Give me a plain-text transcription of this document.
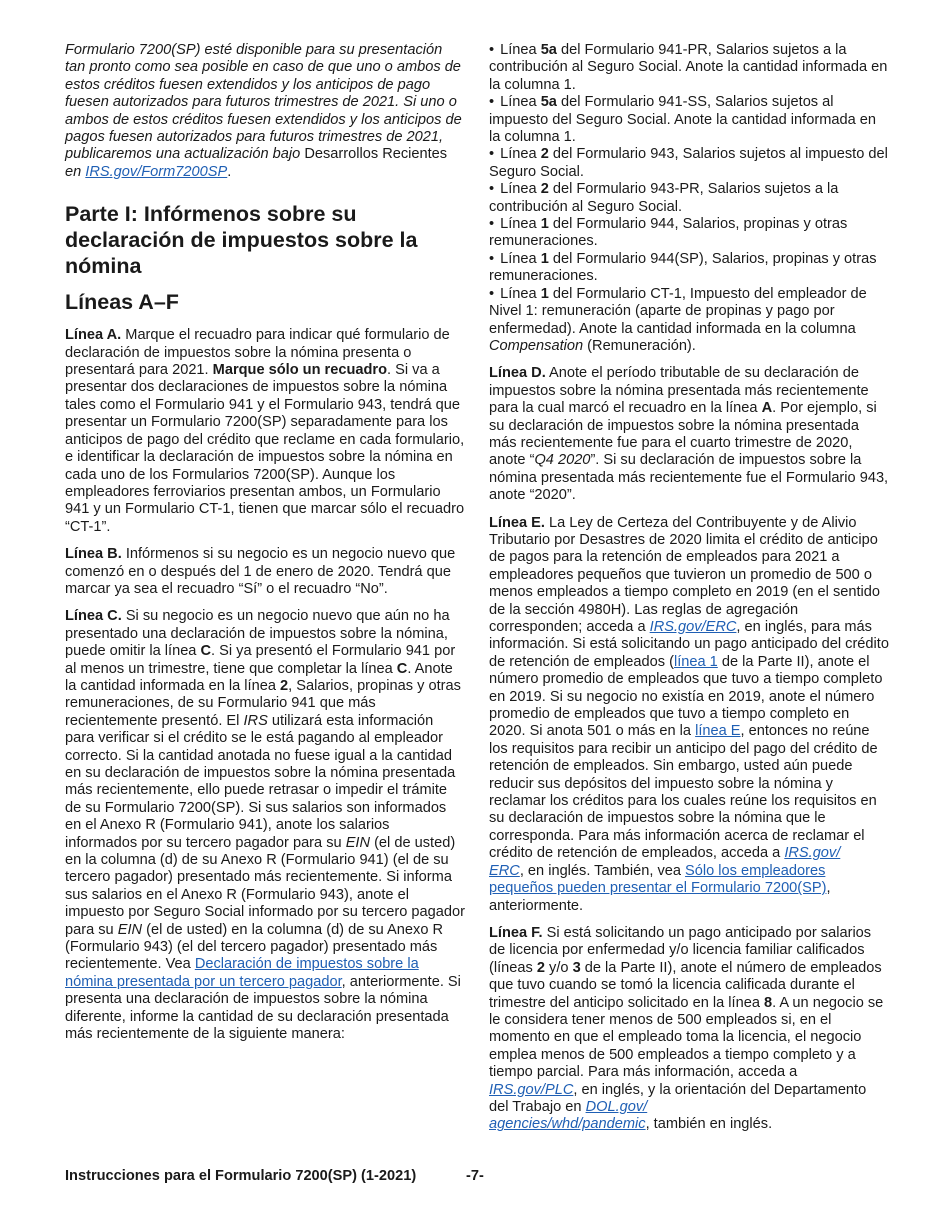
Formulario 7200(SP) esté disponible para su presentación tan pronto como sea posible en caso de que uno o ambos de estos créditos fuesen extendidos y los anticipos de pago fuesen autorizados para futuros trimestres de 2021. Si uno o ambos de estos créditos fuesen extendidos y los anticipos de pagos fuesen autorizados para futuros trimestres de 2021, publicaremos una actualización bajo Desarrollos Recientes en IRS.gov/Form7200SP.

Parte I: Infórmenos sobre su declaración de impuestos sobre la nómina
Líneas A–F

Línea A. Marque el recuadro para indicar qué formulario de declaración de impuestos sobre la nómina presenta o presentará para 2021. Marque sólo un recuadro. Si va a presentar dos declaraciones de impuestos sobre la nómina tales como el Formulario 941 y el Formulario 943, tendrá que presentar un Formulario 7200(SP) separadamente para los anticipos de pago del crédito que reclame en cada formulario, e identificar la declaración de impuestos sobre la nómina en cada uno de los Formularios 7200(SP). Aunque los empleadores ferroviarios presentan ambos, un Formulario 941 y un Formulario CT-1, tienen que marcar sólo el recuadro “CT-1”.

Línea B. Infórmenos si su negocio es un negocio nuevo que comenzó en o después del 1 de enero de 2020. Tendrá que marcar ya sea el recuadro “Sí” o el recuadro “No”.

Línea C. Si su negocio es un negocio nuevo que aún no ha presentado una declaración de impuestos sobre la nómina, puede omitir la línea C. Si ya presentó el Formulario 941 por al menos un trimestre, tiene que completar la línea C. Anote la cantidad informada en la línea 2, Salarios, propinas y otras remuneraciones, de su Formulario 941 que más recientemente presentó. El IRS utilizará esta información para verificar si el crédito se le está pagando al empleador correcto. Si la cantidad anotada no fuese igual a la cantidad en su declaración de impuestos sobre la nómina presentada más recientemente, ello puede retrasar o impedir el trámite de su Formulario 7200(SP). Si sus salarios son informados en el Anexo R (Formulario 941), anote los salarios informados por su tercero pagador para su EIN (el de usted) en la columna (d) de su Anexo R (Formulario 941) (el de su tercero pagador) presentado más recientemente. Si informa sus salarios en el Anexo R (Formulario 943), anote el impuesto por Seguro Social informado por su tercero pagador para su EIN (el de usted) en la columna (d) de su Anexo R (Formulario 943) (el del tercero pagador) presentado más recientemente. Vea Declaración de impuestos sobre la nómina presentada por un tercero pagador, anteriormente. Si presenta una declaración de impuestos sobre la nómina diferente, informe la cantidad de su declaración presentada más recientemente de la siguiente manera:

• Línea 5a del Formulario 941-PR, Salarios sujetos a la contribución al Seguro Social. Anote la cantidad informada en la columna 1.
• Línea 5a del Formulario 941-SS, Salarios sujetos al impuesto del Seguro Social. Anote la cantidad informada en la columna 1.
• Línea 2 del Formulario 943, Salarios sujetos al impuesto del Seguro Social.
• Línea 2 del Formulario 943-PR, Salarios sujetos a la contribución al Seguro Social.
• Línea 1 del Formulario 944, Salarios, propinas y otras remuneraciones.
• Línea 1 del Formulario 944(SP), Salarios, propinas y otras remuneraciones.
• Línea 1 del Formulario CT-1, Impuesto del empleador de Nivel 1: remuneración (aparte de propinas y pago por enfermedad). Anote la cantidad informada en la columna Compensation (Remuneración).

Línea D. Anote el período tributable de su declaración de impuestos sobre la nómina presentada más recientemente para la cual marcó el recuadro en la línea A. Por ejemplo, si su declaración de impuestos sobre la nómina presentada más recientemente fue para el cuarto trimestre de 2020, anote “Q4 2020”. Si su declaración de impuestos sobre la nómina presentada más recientemente fue el Formulario 943, anote “2020”.

Línea E. La Ley de Certeza del Contribuyente y de Alivio Tributario por Desastres de 2020 limita el crédito de anticipo de pagos para la retención de empleados para 2021 a empleadores pequeños que tuvieron un promedio de 500 o menos empleados a tiempo completo en 2019 (en el sentido de la sección 4980H). Las reglas de agregación corresponden; acceda a IRS.gov/ERC, en inglés, para más información. Si está solicitando un pago anticipado del crédito de retención de empleados (línea 1 de la Parte II), anote el número promedio de empleados que tuvo a tiempo completo en 2019. Si su negocio no existía en 2019, anote el número promedio de empleados que tuvo a tiempo completo en 2020. Si anota 501 o más en la línea E, entonces no reúne los requisitos para recibir un anticipo del pago del crédito de retención de empleados. Sin embargo, usted aún puede reducir sus depósitos del impuesto sobre la nómina y reclamar los créditos para los cuales reúne los requisitos en su declaración de impuestos sobre la nómina que le corresponda. Para más información acerca de reclamar el crédito de retención de empleados, acceda a IRS.gov/
ERC, en inglés. También, vea Sólo los empleadores
pequeños pueden presentar el Formulario 7200(SP), anteriormente.

Línea F. Si está solicitando un pago anticipado por salarios de licencia por enfermedad y/o licencia familiar calificados (líneas 2 y/o 3 de la Parte II), anote el número de empleados que tuvo cuando se tomó la licencia calificada durante el trimestre del anticipo solicitado en la línea 8. A un negocio se le considera tener menos de 500 empleados si, en el momento en que el empleado toma la licencia, el negocio emplea menos de 500 empleados a tiempo completo y a tiempo parcial. Para más información, acceda a IRS.gov/PLC, en inglés, y la orientación del Departamento del Trabajo en DOL.gov/
agencies/whd/pandemic, también en inglés.

Instrucciones para el Formulario 7200(SP) (1-2021)	-7-
